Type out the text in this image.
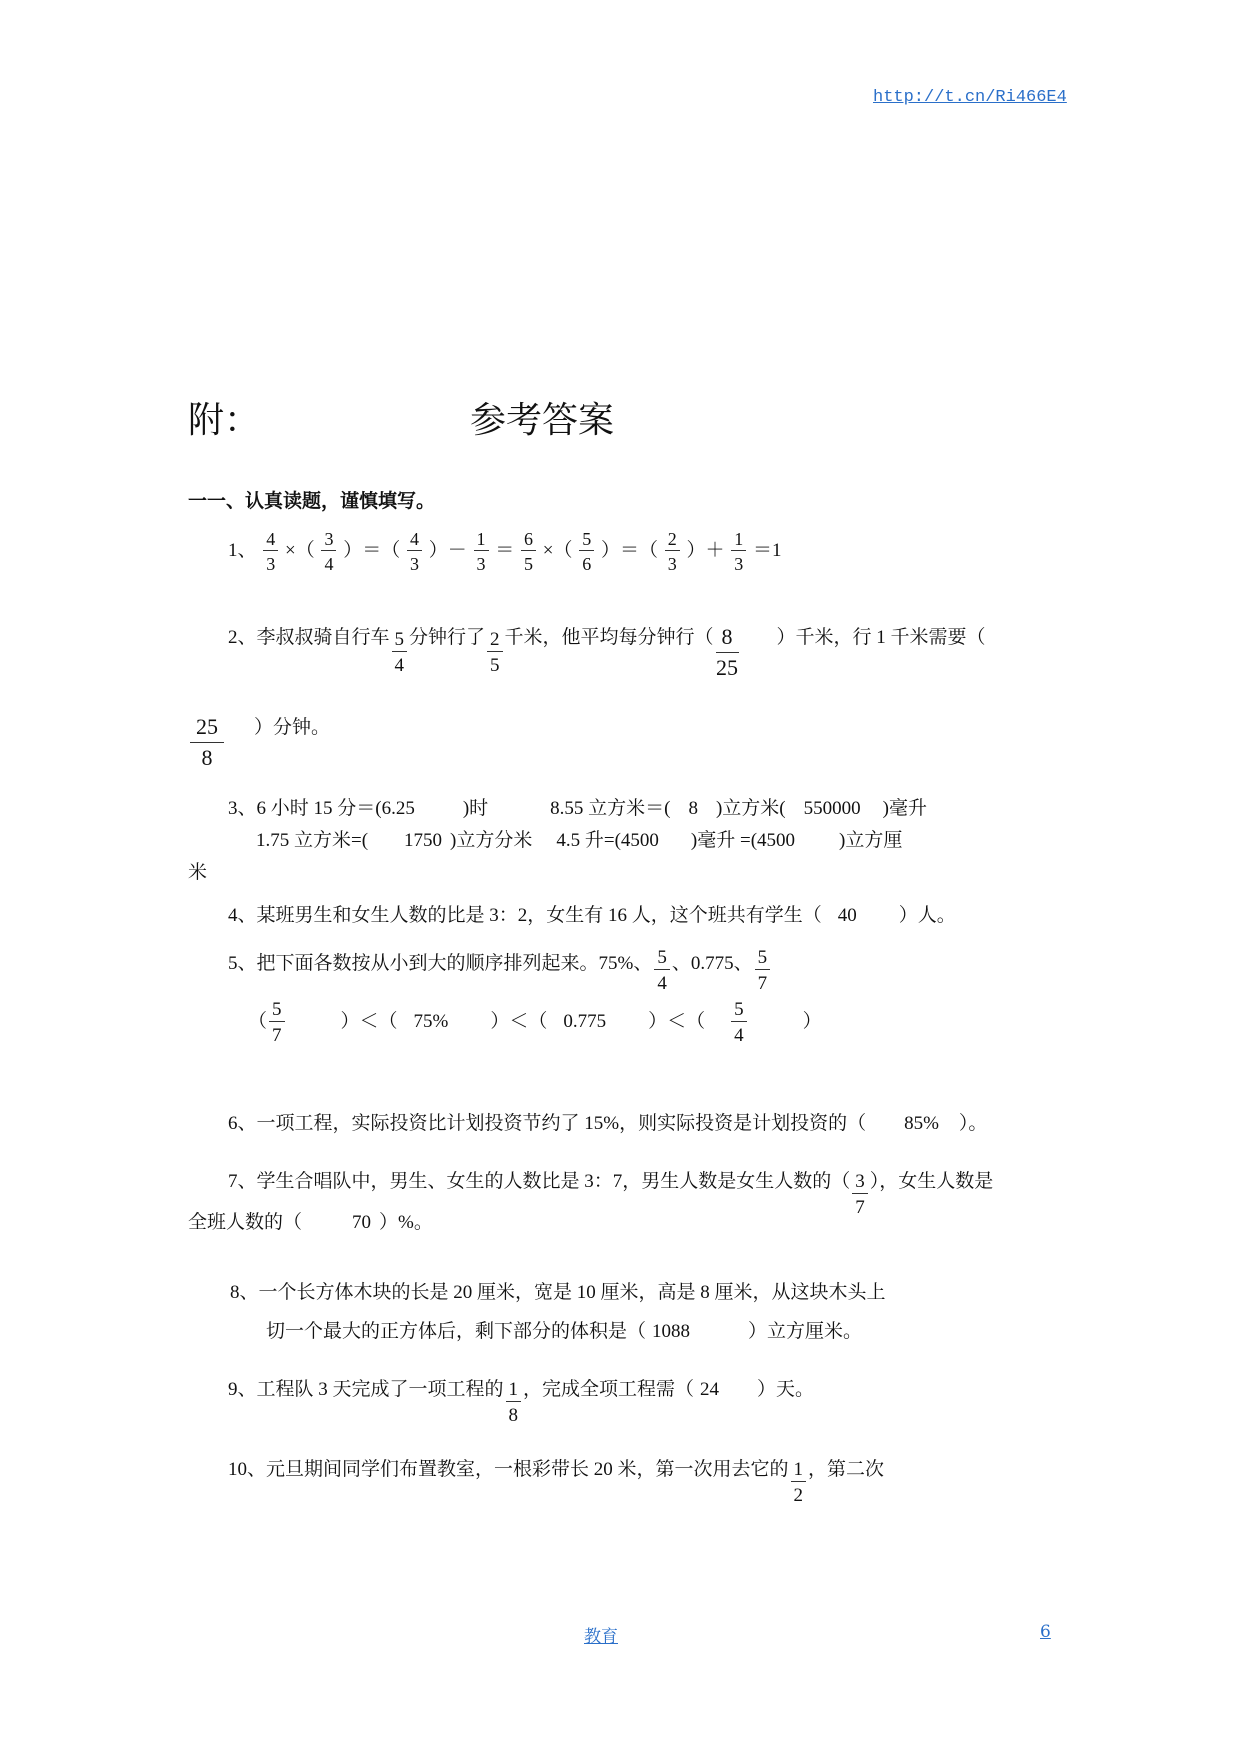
http://t.cn/Ri466E4
附：	参考答案
一一、认真读题，谨慎填写。
1、 $\frac{4}{3}$ ×（ $\frac{3}{4}$ ）＝（ $\frac{4}{3}$ ）－ $\frac{1}{3} = \frac{6}{5}$ ×（ $\frac{5}{6}$ ）＝（ $\frac{2}{3}$ ）＋ $\frac{1}{3} =1$
2、李叔叔骑自行车 $\frac{5}{4}$ 分钟行了 $\frac{2}{5}$ 千米，他平均每分钟行（ $\frac{8}{25}$ ）千米，行 1 千米需要（
$\frac{25}{8}$ ）分钟。
3、6 小时 15 分＝(6.25	)时	8.55 立方米＝( 8 )立方米( 550000 )毫升
1.75 立方米=( 1750 )立方分米 4.5 升=(4500 )毫升 =(4500 )立方厘
米
4、某班男生和女生人数的比是 3：2，女生有 16 人，这个班共有学生（ 40 ）人。
5、把下面各数按从小到大的顺序排列起来。75%、 $\frac{5}{4}$ 、0.775、 $\frac{5}{7}$
（ $\frac{5}{7}$	）＜（ 75% ）＜（ 0.775 ）＜（ $\frac{5}{4}$	）
6、一项工程，实际投资比计划投资节约了 15%，则实际投资是计划投资的（ 85% ）。
7、学生合唱队中，男生、女生的人数比是 3：7，男生人数是女生人数的（ $\frac{3}{7}$ ），女生人数是
全班人数的（	70 ）%。
8、一个长方体木块的长是 20 厘米，宽是 10 厘米，高是 8 厘米，从这块木头上
切一个最大的正方体后，剩下部分的体积是（ 1088	）立方厘米。
9、工程队 3 天完成了一项工程的 $\frac{1}{8}$ ，完成全项工程需（ 24 ）天。
10、元旦期间同学们布置教室，一根彩带长 20 米，第一次用去它的 $\frac{1}{2}$ ，第二次
教育	6
